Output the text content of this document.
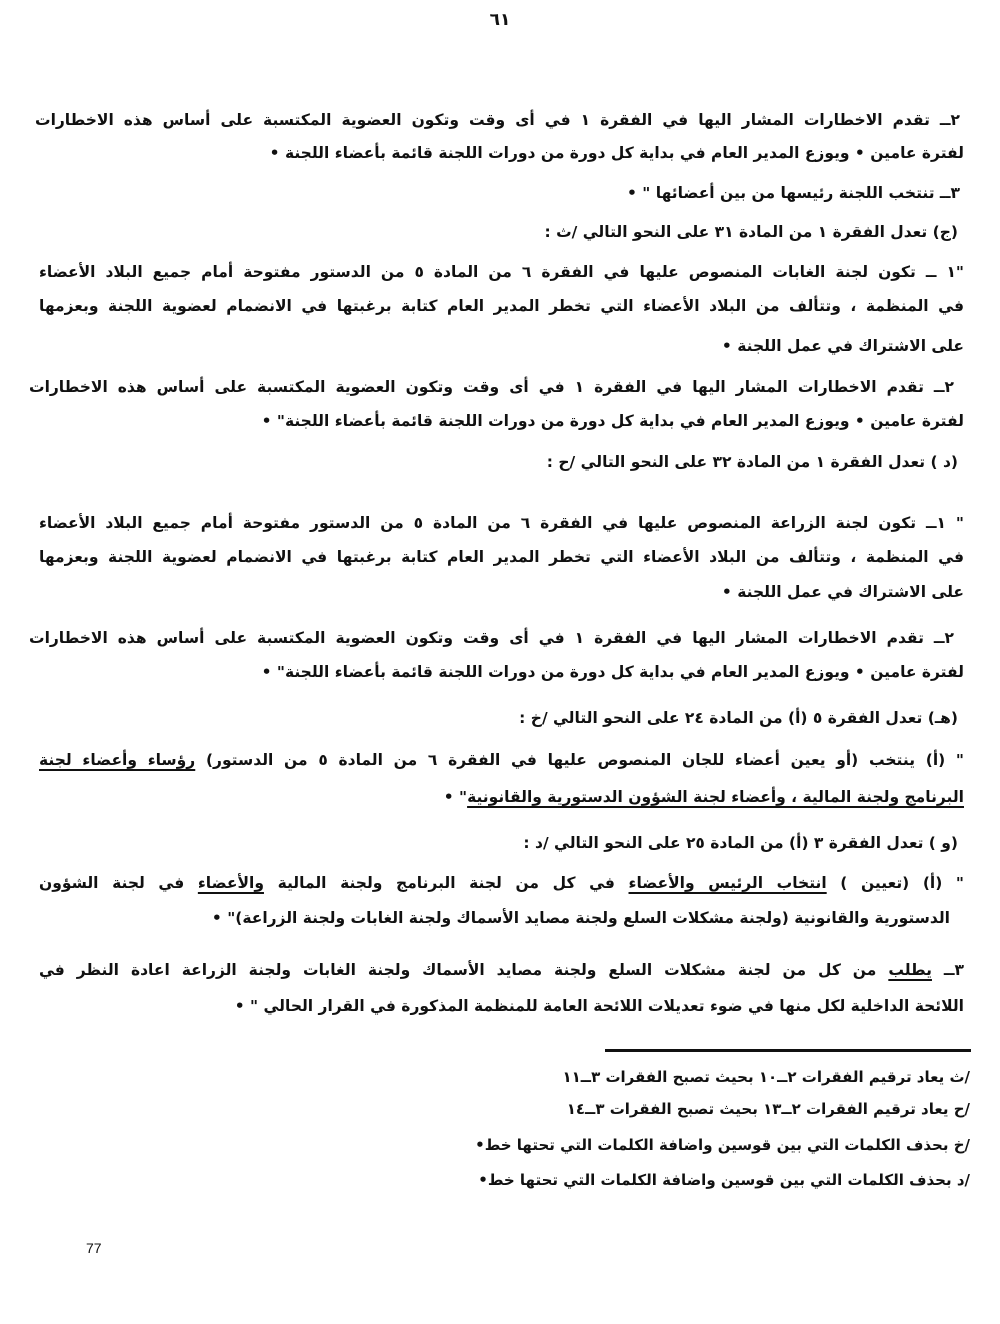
٦١
٢ــ تقدم الاخطارات المشار اليها في الفقرة ١ في أى وقت وتكون العضوية المكتسبة على أساس هذه الاخطارات
لفترة عامين • ويوزع المدير العام في بداية كل دورة من دورات اللجنة قائمة بأعضاء اللجنة •
٣ــ تنتخب اللجنة رئيسها من بين أعضائها " •
(ج) تعدل الفقرة ١ من المادة ٣١ على النحو التالي /ث :
"١ ــ تكون لجنة الغابات المنصوص عليها في الفقرة ٦ من المادة ٥ من الدستور مفتوحة أمام جميع البلاد الأعضاء
في المنظمة ، وتتألف من البلاد الأعضاء التي تخطر المدير العام كتابة برغبتها في الانضمام لعضوية اللجنة وبعزمها
على الاشتراك في عمل اللجنة •
٢ــ تقدم الاخطارات المشار اليها في الفقرة ١ في أى وقت وتكون العضوية المكتسبة على أساس هذه الاخطارات
لفترة عامين • ويوزع المدير العام في بداية كل دورة من دورات اللجنة قائمة بأعضاء اللجنة" •
(د ) تعدل الفقرة ١ من المادة ٣٢ على النحو التالي /ح :
" ١ــ تكون لجنة الزراعة المنصوص عليها في الفقرة ٦ من المادة ٥ من الدستور مفتوحة أمام جميع البلاد الأعضاء
في المنظمة ، وتتألف من البلاد الأعضاء التي تخطر المدير العام كتابة برغبتها في الانضمام لعضوية اللجنة وبعزمها
على الاشتراك في عمل اللجنة •
٢ــ تقدم الاخطارات المشار اليها في الفقرة ١ في أى وقت وتكون العضوية المكتسبة على أساس هذه الاخطارات
لفترة عامين • ويوزع المدير العام في بداية كل دورة من دورات اللجنة قائمة بأعضاء اللجنة" •
(هـ) تعدل الفقرة ٥ (أ) من المادة ٢٤ على النحو التالي /خ :
" (أ) ينتخب (أو يعين أعضاء للجان المنصوص عليها في الفقرة ٦ من المادة ٥ من الدستور) رؤساء وأعضاء لجنة
البرنامج ولجنة المالية ، وأعضاء لجنة الشؤون الدستورية والقانونية" •
(و ) تعدل الفقرة ٣ (أ) من المادة ٢٥ على النحو التالي /د :
" (أ) (تعيين ) انتخاب الرئيس والأعضاء في كل من لجنة البرنامج ولجنة المالية والأعضاء في لجنة الشؤون
الدستورية والقانونية (ولجنة مشكلات السلع ولجنة مصايد الأسماك ولجنة الغابات ولجنة الزراعة)" •
٣ــ يطلب من كل من لجنة مشكلات السلع ولجنة مصايد الأسماك ولجنة الغابات ولجنة الزراعة اعادة النظر في
اللائحة الداخلية لكل منها في ضوء تعديلات اللائحة العامة للمنظمة المذكورة في القرار الحالي " •
/ث يعاد ترقيم الفقرات ٢ــ١٠ بحيث تصبح الفقرات ٣ــ١١
/ح يعاد ترقيم الفقرات ٢ــ١٣ بحيث تصبح الفقرات ٣ــ١٤
/خ بحذف الكلمات التي بين قوسين واضافة الكلمات التي تحتها خط•
/د بحذف الكلمات التي بين قوسين واضافة الكلمات التي تحتها خط•
77
